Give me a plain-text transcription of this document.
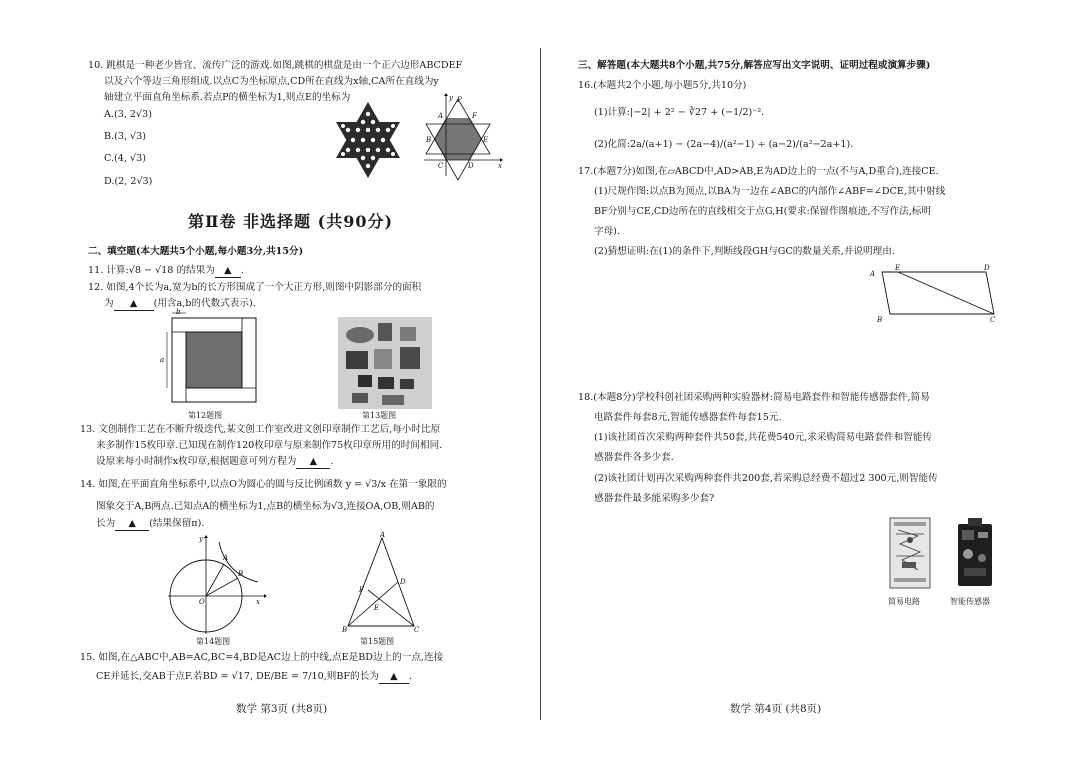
10. 跳棋是一种老少皆宜、流传广泛的游戏.如图,跳棋的棋盘是由一个正六边形ABCDEF
以及六个等边三角形组成.以点C为坐标原点,CD所在直线为x轴,CA所在直线为y
轴建立平面直角坐标系.若点P的横坐标为1,则点E的坐标为
A.(3, 2√3)
B.(3, √3)
C.(4, √3)
D.(2, 2√3)
y P
A	F
B	E
C	D	x
第Ⅱ卷 非选择题 (共90分)
二、填空题(本大题共5个小题,每小题3分,共15分)
11. 计算:√8 − √18 的结果为 ▲ .
12. 如图,4个长为a,宽为b的长方形围成了一个大正方形,则图中阴影部分的面积
为 ▲ (用含a,b的代数式表示).
b
a
第12题图	第13题图
13. 文创制作工艺在不断升级迭代,某文创工作室改进文创印章制作工艺后,每小时比原
来多制作15枚印章.已知现在制作120枚印章与原来制作75枚印章所用的时间相同.
设原来每小时制作x枚印章,根据题意可列方程为 ▲ .
14. 如图,在平面直角坐标系中,以点O为圆心的圆与反比例函数 y = √3/x 在第一象限的
图象交于A,B两点.已知点A的横坐标为1,点B的横坐标为√3,连接OA,OB,则AB的
长为 ▲ (结果保留π).
y
A
B
O	x
第14题图
A
D
F
E
B	C
第15题图
15. 如图,在△ABC中,AB=AC,BC=4,BD是AC边上的中线,点E是BD边上的一点,连接
CE并延长,交AB于点F.若BD = √17, DE/BE = 7/10,则BF的长为 ▲ .
数学 第3页 (共8页)
三、解答题(本大题共8个小题,共75分,解答应写出文字说明、证明过程或演算步骤)
16.(本题共2个小题,每小题5分,共10分)
(1)计算:|−2| + 2² − ∛27 + (−1/2)⁻².
(2)化简:2a/(a+1) − (2a−4)/(a²−1) ÷ (a−2)/(a²−2a+1).
17.(本题7分)如图,在▱ABCD中,AD>AB,E为AD边上的一点(不与A,D重合),连接CE.
(1)尺规作图:以点B为顶点,以BA为一边在∠ABC的内部作∠ABF=∠DCE,其中射线
BF分别与CE,CD边所在的直线相交于点G,H(要求:保留作图痕迹,不写作法,标明
字母).
(2)猜想证明:在(1)的条件下,判断线段GH与GC的数量关系,并说明理由.
A
E	D
B	C
18.(本题8分)学校科创社团采购两种实验器材:简易电路套件和智能传感器套件,简易
电路套件每套8元,智能传感器套件每套15元.
(1)该社团首次采购两种套件共50套,共花费540元,求采购简易电路套件和智能传
感器套件各多少套.
(2)该社团计划再次采购两种套件共200套,若采购总经费不超过2 300元,则智能传
感器套件最多能采购多少套?
简易电路	智能传感器
数学 第4页 (共8页)
